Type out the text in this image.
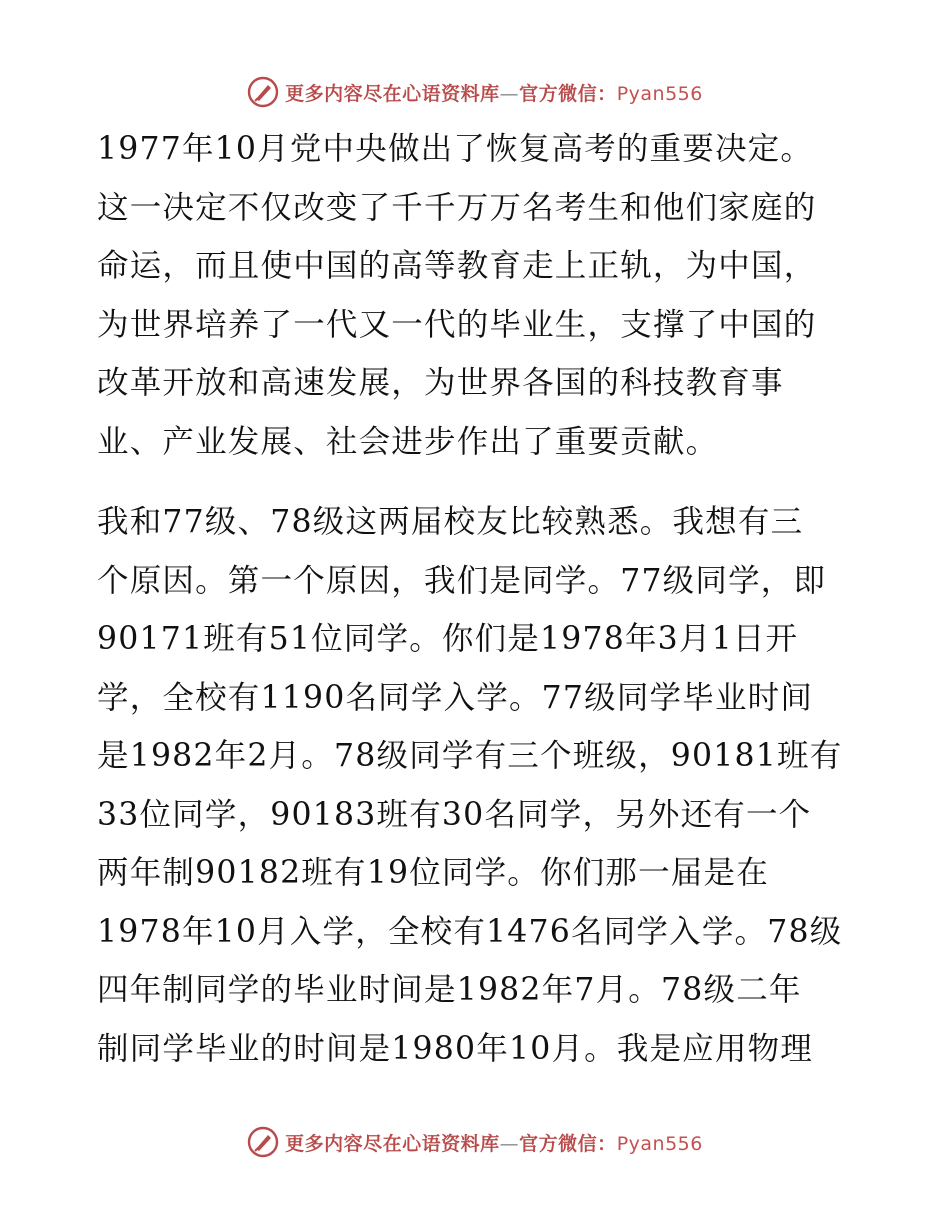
更多内容尽在心语资料库—官方微信：Pyan556
1977年10月党中央做出了恢复高考的重要决定。
这一决定不仅改变了千千万万名考生和他们家庭的
命运，而且使中国的高等教育走上正轨，为中国，
为世界培养了一代又一代的毕业生，支撑了中国的
改革开放和高速发展，为世界各国的科技教育事
业、产业发展、社会进步作出了重要贡献。
我和77级、78级这两届校友比较熟悉。我想有三
个原因。第一个原因，我们是同学。77级同学，即
90171班有51位同学。你们是1978年3月1日开
学，全校有1190名同学入学。77级同学毕业时间
是1982年2月。78级同学有三个班级，90181班有
33位同学，90183班有30名同学，另外还有一个
两年制90182班有19位同学。你们那一届是在
1978年10月入学，全校有1476名同学入学。78级
四年制同学的毕业时间是1982年7月。78级二年
制同学毕业的时间是1980年10月。我是应用物理
更多内容尽在心语资料库—官方微信：Pyan556
